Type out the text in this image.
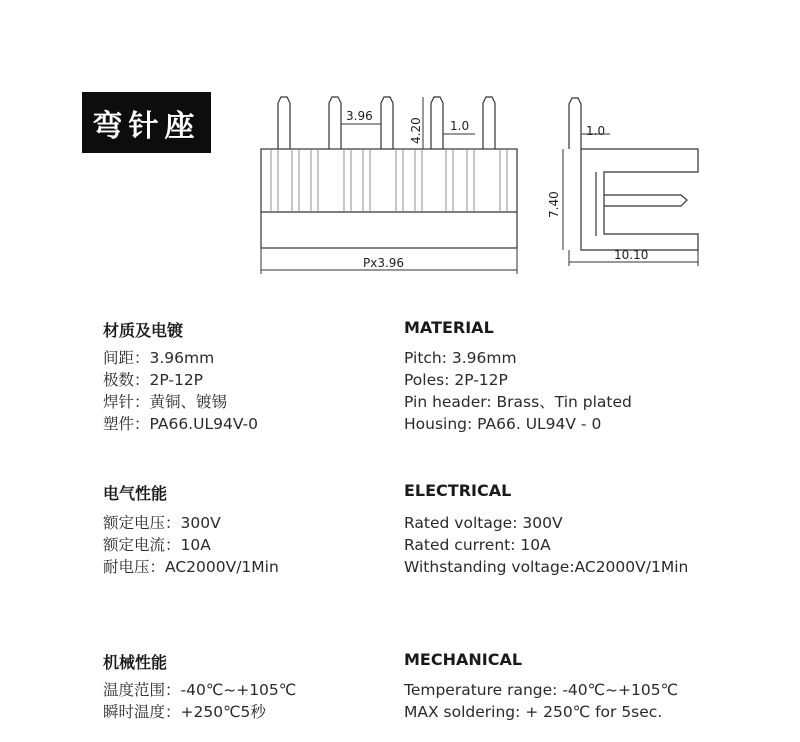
弯针座	3.96
4.20 1.0
Px3.96
1.0
7.40
10.10
材质及电镀
间距：3.96mm
极数：2P-12P
焊针：黄铜、镀锡
塑件：PA66.UL94V-0
电气性能
额定电压：300V
额定电流：10A
耐电压：AC2000V/1Min
机械性能
温度范围：-40℃~+105℃
瞬时温度：+250℃5秒
MATERIAL
Pitch: 3.96mm
Poles: 2P-12P
Pin header: Brass、Tin plated
Housing: PA66. UL94V - 0
ELECTRICAL
Rated voltage: 300V
Rated current: 10A
Withstanding voltage:AC2000V/1Min
MECHANICAL
Temperature range: -40℃~+105℃
MAX soldering: + 250℃ for 5sec.
